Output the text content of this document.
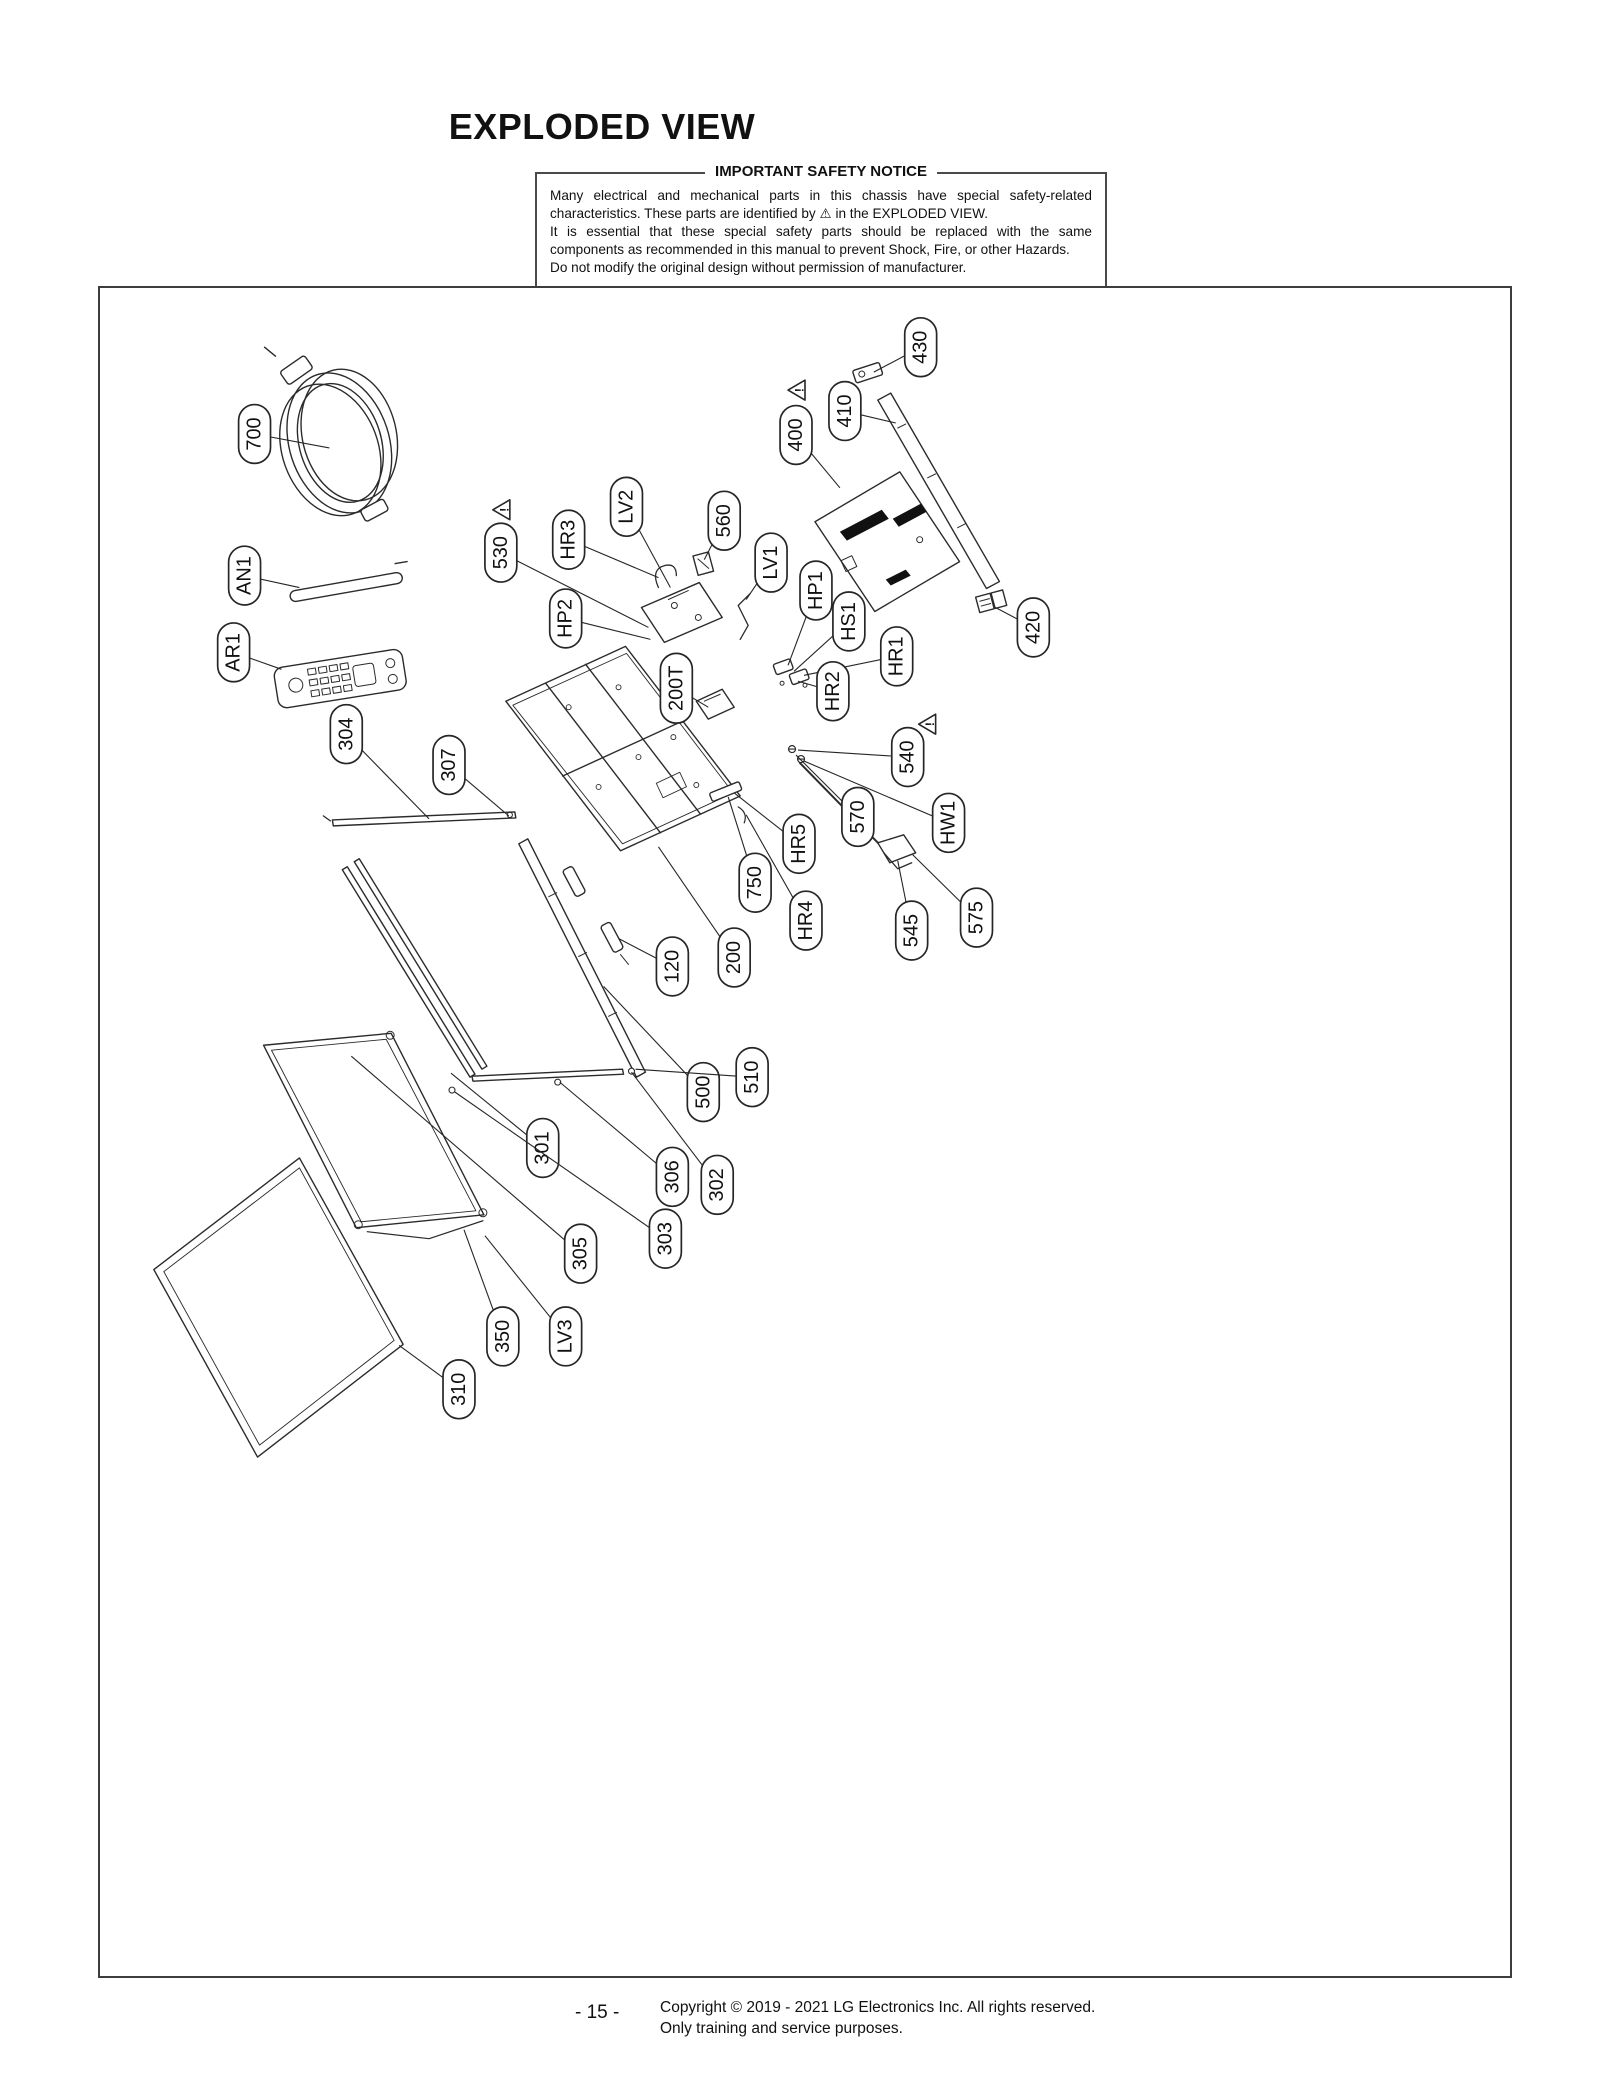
EXPLODED VIEW
IMPORTANT SAFETY NOTICE

Many electrical and mechanical parts in this chassis have special safety-related characteristics. These parts are identified by ⚠ in the EXPLODED VIEW.

It is essential that these special safety parts should be replaced with the same components as recommended in this manual to prevent Shock, Fire, or other Hazards.

Do not modify the original design without permission of manufacturer.

700
430
400
!
410
AN1
AR1
530
!
HR3
LV2	560
LV1
HP1
HP2	HS1
HR1
420
HR2
200T
304
307	540
!
570	HW1
HR5
750
HR4	545 575
120 200
500 510
301
306 302
303
305
350 LV3
310
- 15 -	Copyright © 2019 - 2021 LG Electronics Inc. All rights reserved.
Only training and service purposes.
